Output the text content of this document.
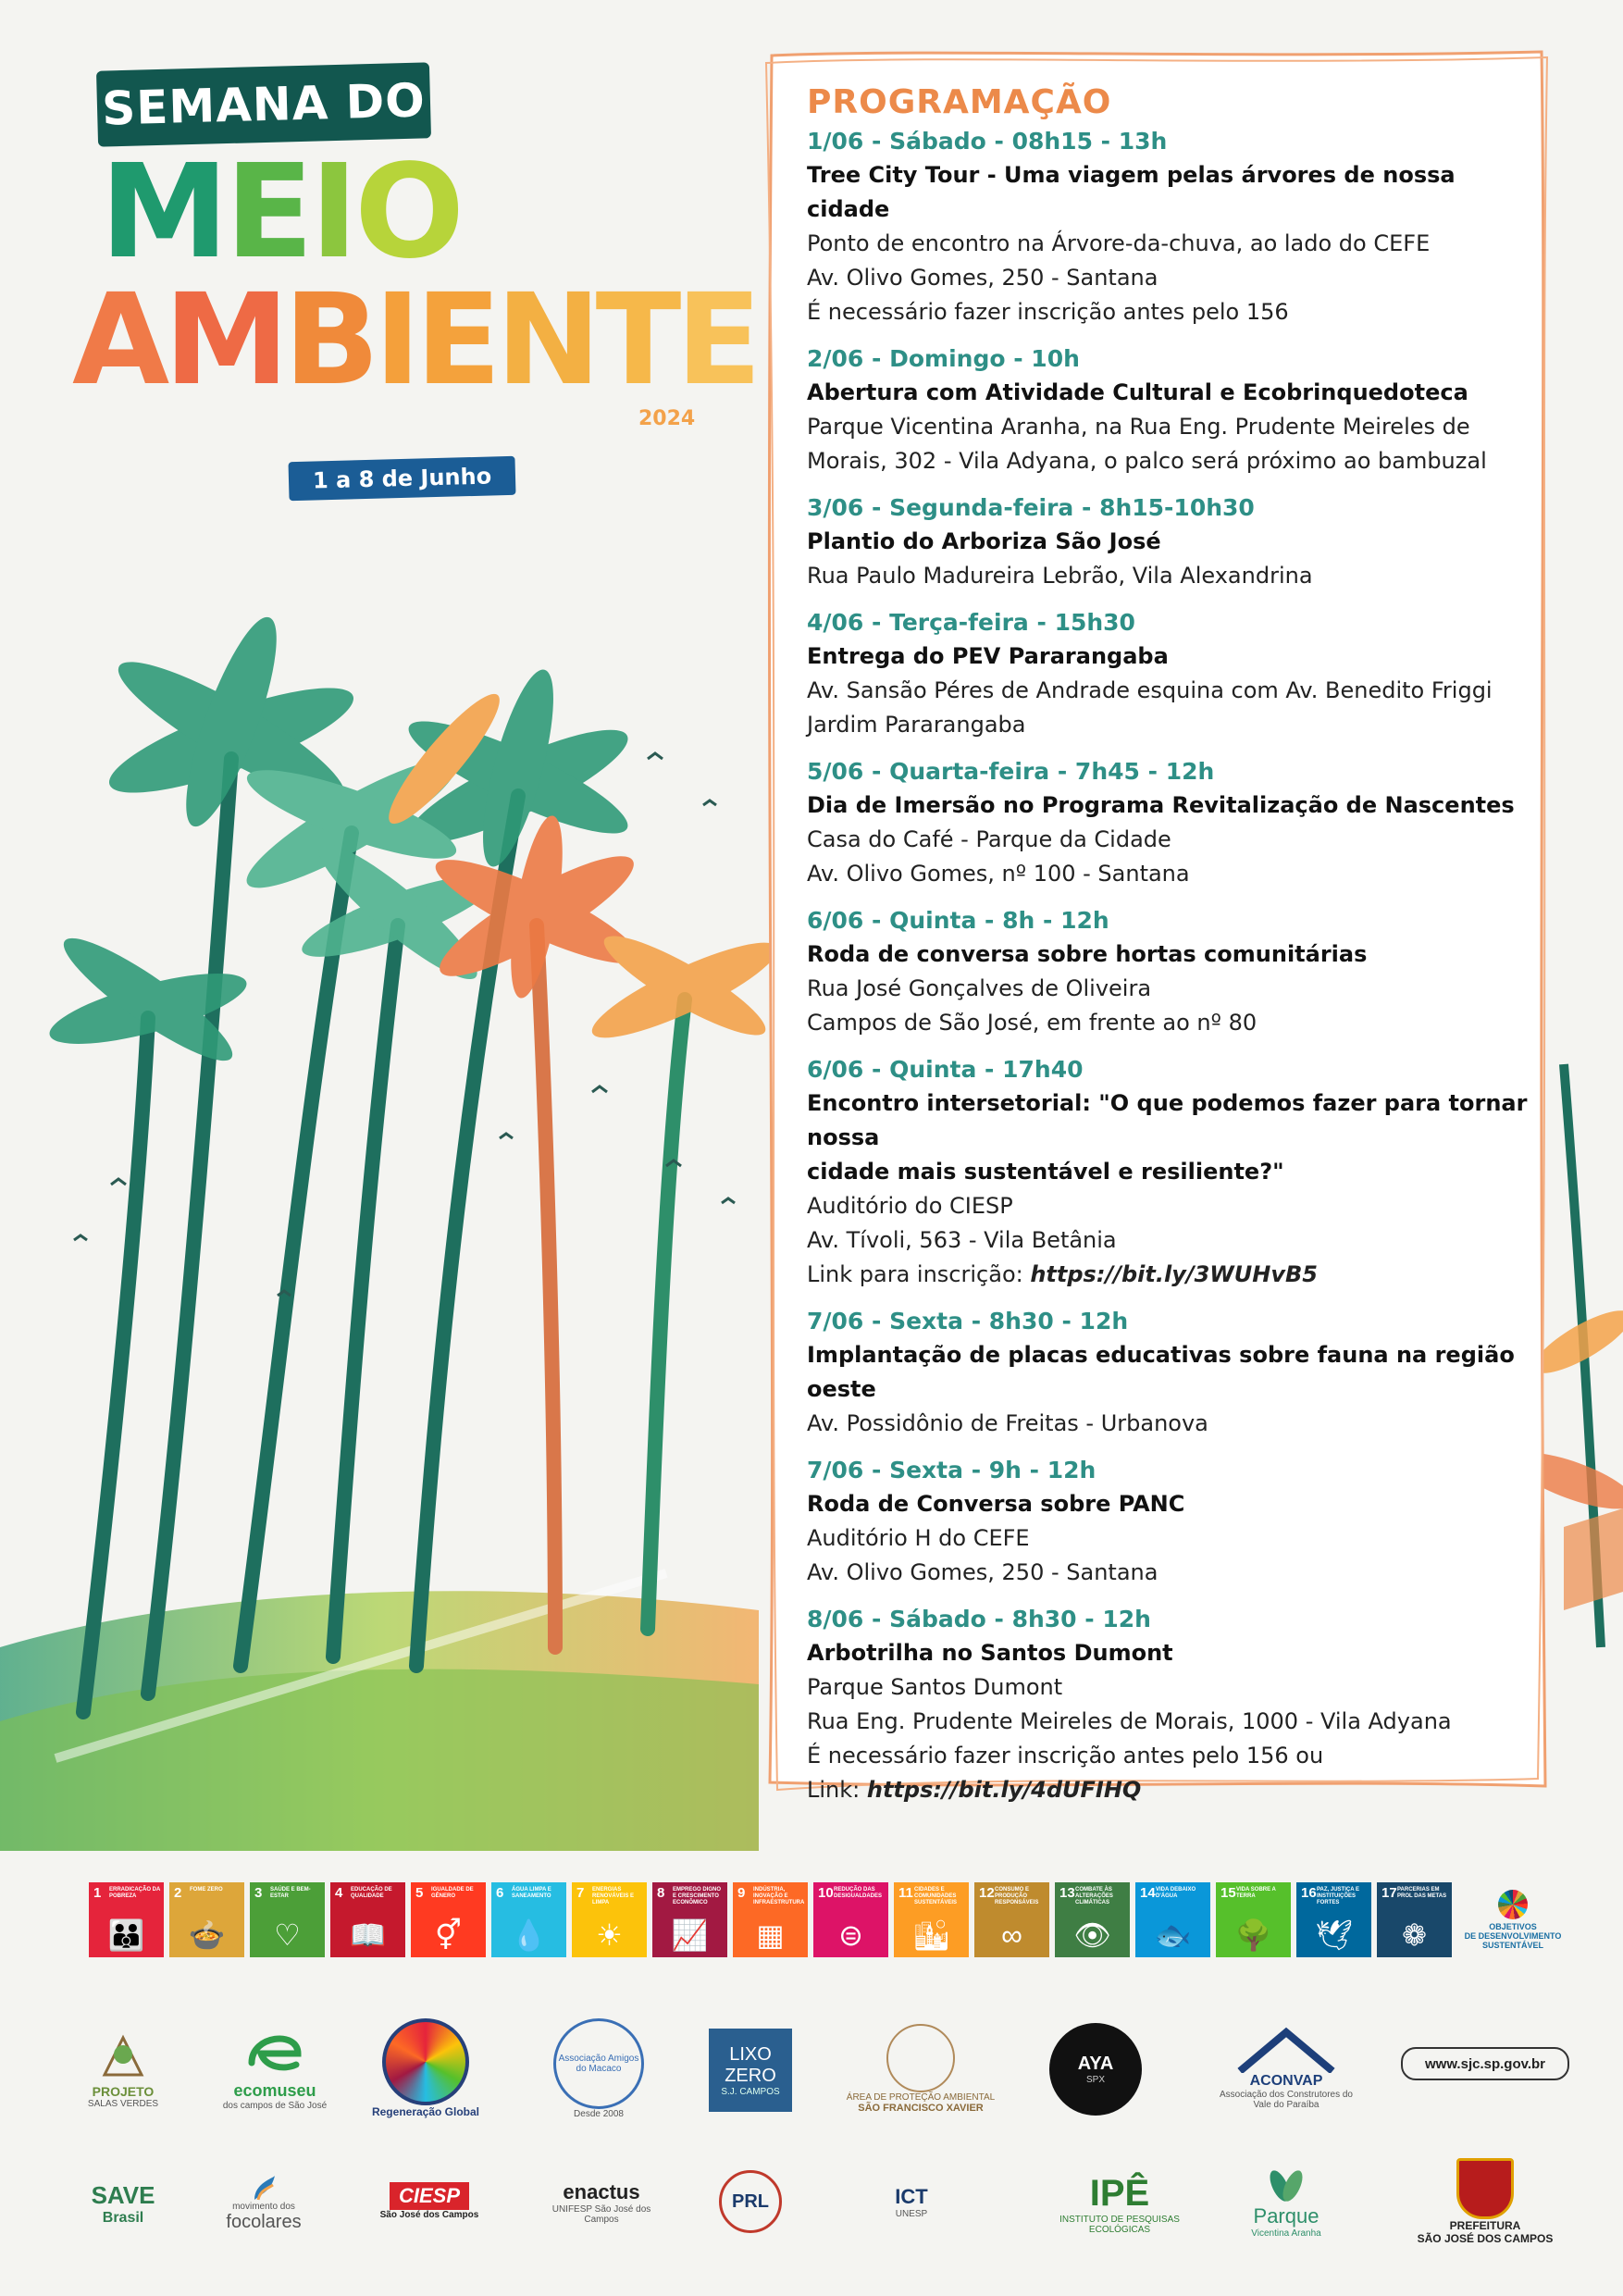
SEMANA DO
MEIO
AMBIENTE
2024
1 a 8 de Junho
PROGRAMAÇÃO
1/06 - Sábado - 08h15 - 13h
Tree City Tour - Uma viagem pelas árvores de nossa cidade
Ponto de encontro na Árvore-da-chuva, ao lado do CEFE
Av. Olivo Gomes, 250 - Santana
É necessário fazer inscrição antes pelo 156
2/06 - Domingo - 10h
Abertura com Atividade Cultural e Ecobrinquedoteca
Parque Vicentina Aranha, na Rua Eng. Prudente Meireles de
Morais, 302 - Vila Adyana, o palco será próximo ao bambuzal
3/06 - Segunda-feira - 8h15-10h30
Plantio do Arboriza São José
Rua Paulo Madureira Lebrão, Vila Alexandrina
4/06 - Terça-feira - 15h30
Entrega do PEV Pararangaba
Av. Sansão Péres de Andrade esquina com Av. Benedito Friggi
Jardim Pararangaba
5/06 - Quarta-feira - 7h45 - 12h
Dia de Imersão no Programa Revitalização de Nascentes
Casa do Café - Parque da Cidade
Av. Olivo Gomes, nº 100 - Santana
6/06 - Quinta - 8h - 12h
Roda de conversa sobre hortas comunitárias
Rua José Gonçalves de Oliveira
Campos de São José, em frente ao nº 80
6/06 - Quinta - 17h40
Encontro intersetorial: "O que podemos fazer para tornar nossa
cidade mais sustentável e resiliente?"
Auditório do CIESP
Av. Tívoli, 563 - Vila Betânia
Link para inscrição: https://bit.ly/3WUHvB5
7/06 - Sexta - 8h30 - 12h
Implantação de placas educativas sobre fauna na região oeste
Av. Possidônio de Freitas - Urbanova
7/06 - Sexta - 9h - 12h
Roda de Conversa sobre PANC
Auditório H do CEFE
Av. Olivo Gomes, 250 - Santana
8/06 - Sábado - 8h30 - 12h
Arbotrilha no Santos Dumont
Parque Santos Dumont
Rua Eng. Prudente Meireles de Morais, 1000 - Vila Adyana
É necessário fazer inscrição antes pelo 156 ou
Link: https://bit.ly/4dUFIHQ
1 ERRADICAÇÃO DA POBREZA
👪
2 FOME ZERO
🍲
3 SAÚDE E BEM-ESTAR
♡
4 EDUCAÇÃO DE QUALIDADE
📖
5 IGUALDADE DE GÊNERO
⚥
6 ÁGUA LIMPA E SANEAMENTO
💧
7 ENERGIAS RENOVÁVEIS E LIMPA
☀
8 EMPREGO DIGNO E CRESCIMENTO ECONÔMICO
📈
9 INDÚSTRIA, INOVAÇÃO E INFRAESTRUTURA
▦
10 REDUÇÃO DAS DESIGUALDADES
⊜
11 CIDADES E COMUNIDADES SUSTENTÁVEIS
🏙
12 CONSUMO E PRODUÇÃO RESPONSÁVEIS
∞
13 COMBATE ÀS ALTERAÇÕES CLIMÁTICAS
👁
14 VIDA DEBAIXO D'ÁGUA
🐟
15 VIDA SOBRE A TERRA
🌳
16 PAZ, JUSTIÇA E INSTITUIÇÕES FORTES
🕊
17 PARCERIAS EM PROL DAS METAS
❁	OBJETIVOS
DE DESENVOLVIMENTO
SUSTENTÁVEL
PROJETO
SALAS VERDES
ecomuseu
dos campos de São José	Regeneração Global
Associação Amigos do Macaco
Desde 2008
LIXO ZERO
S.J. CAMPOS
ÁREA DE PROTEÇÃO AMBIENTAL
SÃO FRANCISCO XAVIER
AYA
SPX	ACONVAP
Associação dos Construtores do Vale do Paraíba
www.sjc.sp.gov.br
SAVE
Brasil
movimento dos
focolares
CIESP
São José dos Campos
enactus
UNIFESP São José dos Campos
PRL	ICT
UNESP
IPÊ
INSTITUTO DE PESQUISAS ECOLÓGICAS
Parque
Vicentina Aranha
PREFEITURA
SÃO JOSÉ DOS CAMPOS
